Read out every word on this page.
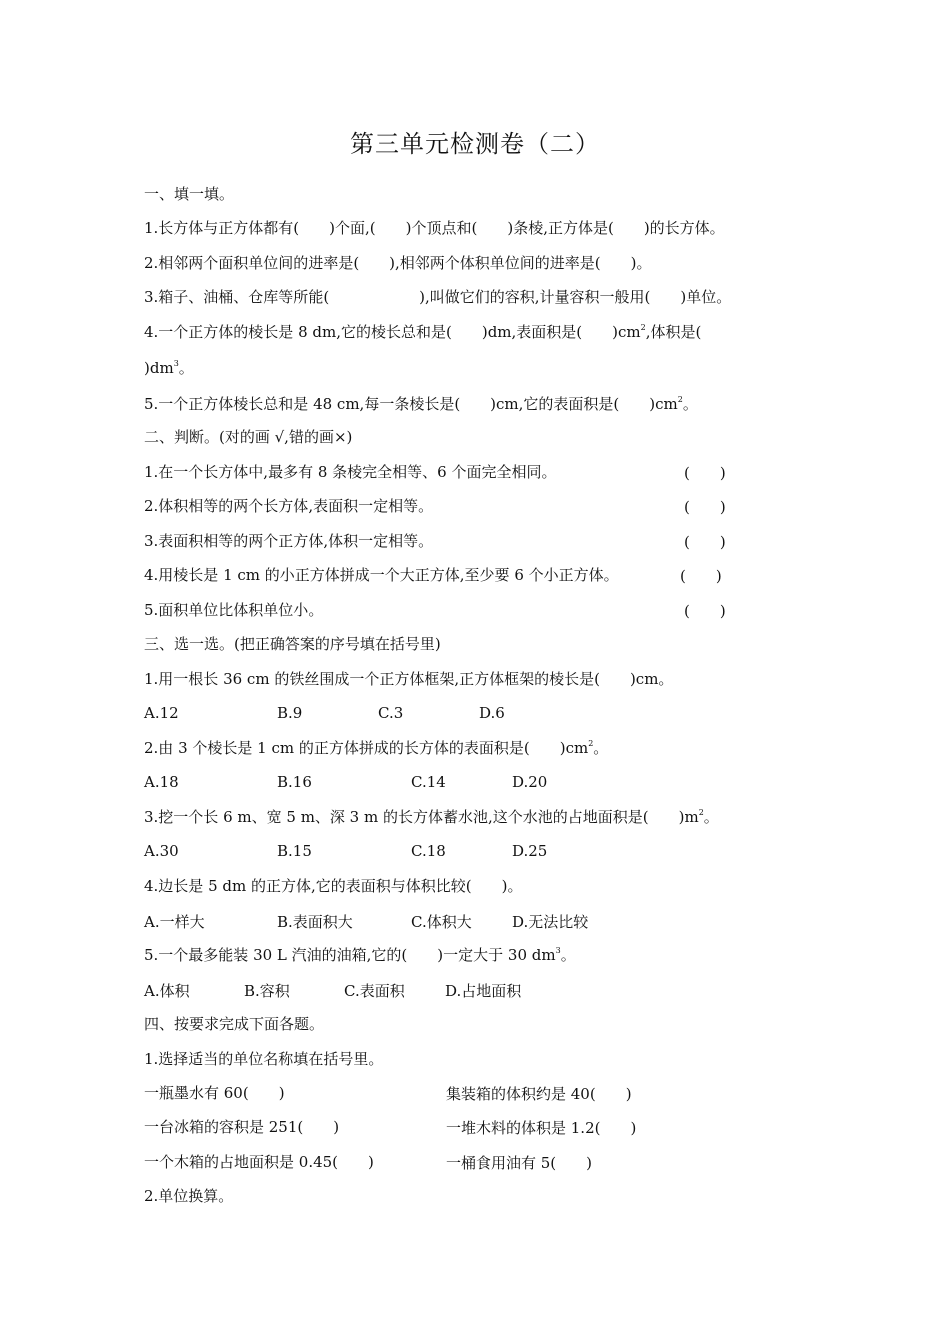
第三单元检测卷（二）
一、填一填。
1.长方体与正方体都有(　　)个面,(　　)个顶点和(　　)条棱,正方体是(　　)的长方体。
2.相邻两个面积单位间的进率是(　　),相邻两个体积单位间的进率是(　　)。
3.箱子、油桶、仓库等所能(　　　　　　),叫做它们的容积,计量容积一般用(　　)单位。
4.一个正方体的棱长是 8 dm,它的棱长总和是(　　)dm,表面积是(　　)$cm^2$,体积是(
)$dm^3$。
5.一个正方体棱长总和是 48 cm,每一条棱长是(　　)cm,它的表面积是(　　)$cm^2$。
二、判断。(对的画 √,错的画×)
1.在一个长方体中,最多有 8 条棱完全相等、6 个面完全相同。	(　　)
2.体积相等的两个长方体,表面积一定相等。	(　　)
3.表面积相等的两个正方体,体积一定相等。	(　　)
4.用棱长是 1 cm 的小正方体拼成一个大正方体,至少要 6 个小正方体。	(　　)
5.面积单位比体积单位小。	(　　)
三、选一选。(把正确答案的序号填在括号里)
1.用一根长 36 cm 的铁丝围成一个正方体框架,正方体框架的棱长是(　　)cm。
A.12	B.9	C.3	D.6
2.由 3 个棱长是 1 cm 的正方体拼成的长方体的表面积是(　　)$cm^2$。
A.18	B.16	C.14	D.20
3.挖一个长 6 m、宽 5 m、深 3 m 的长方体蓄水池,这个水池的占地面积是(　　)$m^2$。
A.30	B.15	C.18	D.25
4.边长是 5 dm 的正方体,它的表面积与体积比较(　　)。
A.一样大	B.表面积大	C.体积大	D.无法比较
5.一个最多能装 30 L 汽油的油箱,它的(　　)一定大于 30 $dm^3$。
A.体积	B.容积	C.表面积	D.占地面积
四、按要求完成下面各题。
1.选择适当的单位名称填在括号里。
一瓶墨水有 60(　　)	集装箱的体积约是 40(　　)
一台冰箱的容积是 251(　　)	一堆木料的体积是 1.2(　　)
一个木箱的占地面积是 0.45(　　)	一桶食用油有 5(　　)
2.单位换算。
